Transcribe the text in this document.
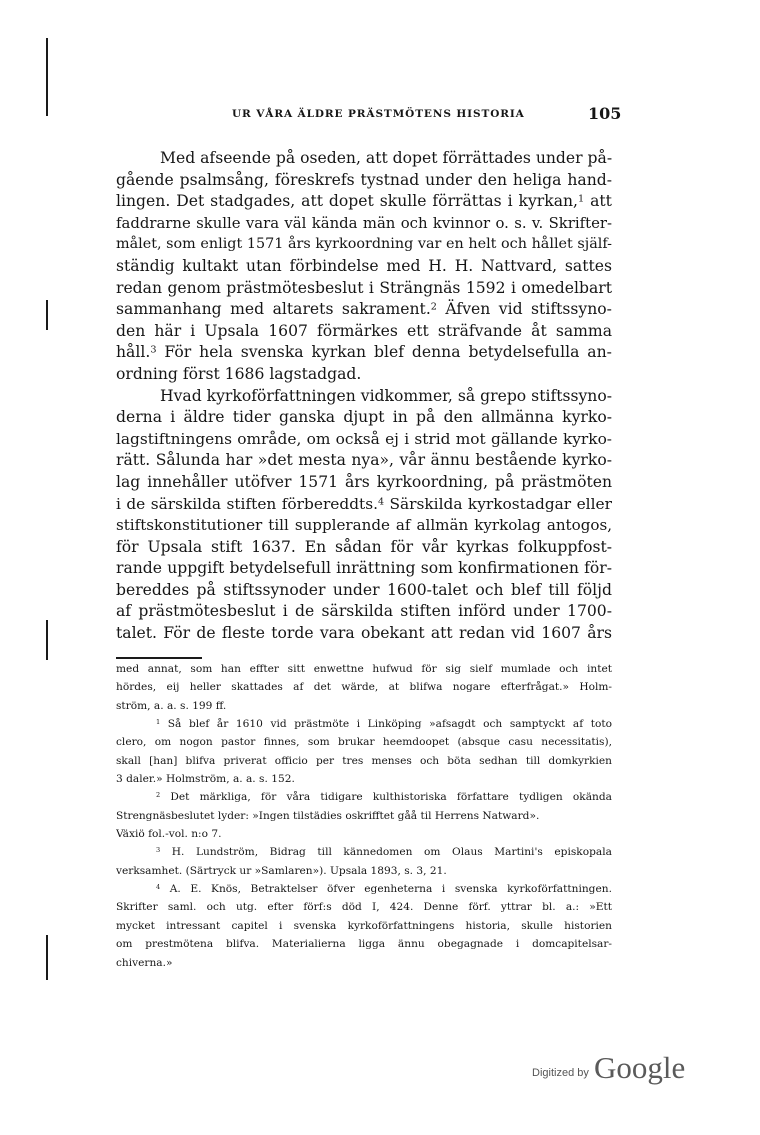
UR VÅRA ÄLDRE PRÄSTMÖTENS HISTORIA	105
Med afseende på oseden, att dopet förrättades under på-
gående psalmsång, föreskrefs tystnad under den heliga hand-
lingen. Det stadgades, att dopet skulle förrättas i kyrkan,$^1$ att
faddrarne skulle vara väl kända män och kvinnor o. s. v. Skrifter-
målet, som enligt 1571 års kyrkoordning var en helt och hållet själf-
ständig kultakt utan förbindelse med H. H. Nattvard, sattes
redan genom prästmötesbeslut i Strängnäs 1592 i omedelbart
sammanhang med altarets sakrament.$^2$ Äfven vid stiftssyno-
den här i Upsala 1607 förmärkes ett sträfvande åt samma
håll.$^3$ För hela svenska kyrkan blef denna betydelsefulla an-
ordning först 1686 lagstadgad.
Hvad kyrkoförfattningen vidkommer, så grepo stiftssyno-
derna i äldre tider ganska djupt in på den allmänna kyrko-
lagstiftningens område, om också ej i strid mot gällande kyrko-
rätt. Sålunda har »det mesta nya», vår ännu bestående kyrko-
lag innehåller utöfver 1571 års kyrkoordning, på prästmöten
i de särskilda stiften förbereddts.$^4$ Särskilda kyrkostadgar eller
stiftskonstitutioner till supplerande af allmän kyrkolag antogos,
för Upsala stift 1637. En sådan för vår kyrkas folkuppfost-
rande uppgift betydelsefull inrättning som konfirmationen för-
bereddes på stiftssynoder under 1600-talet och blef till följd
af prästmötesbeslut i de särskilda stiften införd under 1700-
talet. För de fleste torde vara obekant att redan vid 1607 års
med annat, som han effter sitt enwettne hufwud för sig sielf mumlade och intet
hördes, eij heller skattades af det wärde, at blifwa nogare efterfrågat.» Holm-
ström, a. a. s. 199 ff.
$^1$ Så blef år 1610 vid prästmöte i Linköping »afsagdt och samptyckt af toto
clero, om nogon pastor finnes, som brukar heemdoopet (absque casu necessitatis),
skall [han] blifva priverat officio per tres menses och böta sedhan till domkyrkien
3 daler.» Holmström, a. a. s. 152.
$^2$ Det märkliga, för våra tidigare kulthistoriska författare tydligen okända
Strengnäsbeslutet lyder: »Ingen tilstädies oskrifftet gåå til Herrens Natward».
Växiö fol.-vol. n:o 7.
$^3$ H. Lundström, Bidrag till kännedomen om Olaus Martini's episkopala
verksamhet. (Särtryck ur »Samlaren»). Upsala 1893, s. 3, 21.
$^4$ A. E. Knös, Betraktelser öfver egenheterna i svenska kyrkoförfattningen.
Skrifter saml. och utg. efter förf:s död I, 424. Denne förf. yttrar bl. a.: »Ett
mycket intressant capitel i svenska kyrkoförfattningens historia, skulle historien
om prestmötena blifva. Materialierna ligga ännu obegagnade i domcapitelsar-
chiverna.»
Digitized by Google
